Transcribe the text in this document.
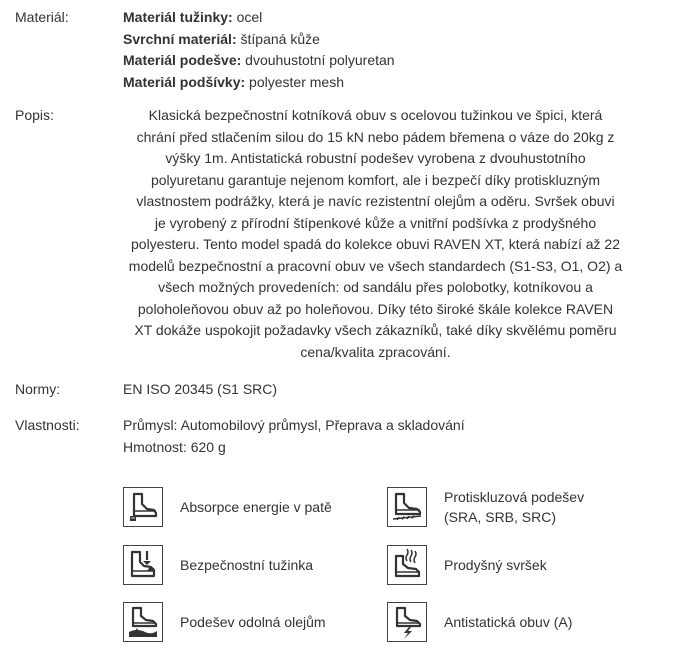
Materiál:	Materiál tužinky: ocel
Svrchní materiál: štípaná kůže
Materiál podešve: dvouhustotní polyuretan
Materiál podšívky: polyester mesh
Popis:	Klasická bezpečnostní kotníková obuv s ocelovou tužinkou ve špici, která
chrání před stlačením silou do 15 kN nebo pádem břemena o váze do 20kg z
výšky 1m. Antistatická robustní podešev vyrobena z dvouhustotního
polyuretanu garantuje nejenom komfort, ale i bezpečí díky protiskluzným
vlastnostem podrážky, která je navíc rezistentní olejům a oděru. Svršek obuvi
je vyrobený z přírodní štípenkové kůže a vnitřní podšívka z prodyšného
polyesteru. Tento model spadá do kolekce obuvi RAVEN XT, která nabízí až 22
modelů bezpečnostní a pracovní obuv ve všech standardech (S1-S3, O1, O2) a
všech možných provedeních: od sandálu přes polobotky, kotníkovou a
poloholeňovou obuv až po holeňovou. Díky této široké škále kolekce RAVEN
XT dokáže uspokojit požadavky všech zákazníků, také díky skvělému poměru
cena/kvalita zpracování.
Normy:	EN ISO 20345 (S1 SRC)
Vlastnosti:	Průmysl: Automobilový průmysl, Přeprava a skladování
Hmotnost: 620 g
Absorpce energie v patě
Protiskluzová podešev
(SRA, SRB, SRC)
Bezpečnostní tužinka	Prodyšný svršek
Podešev odolná olejům	Antistatická obuv (A)
